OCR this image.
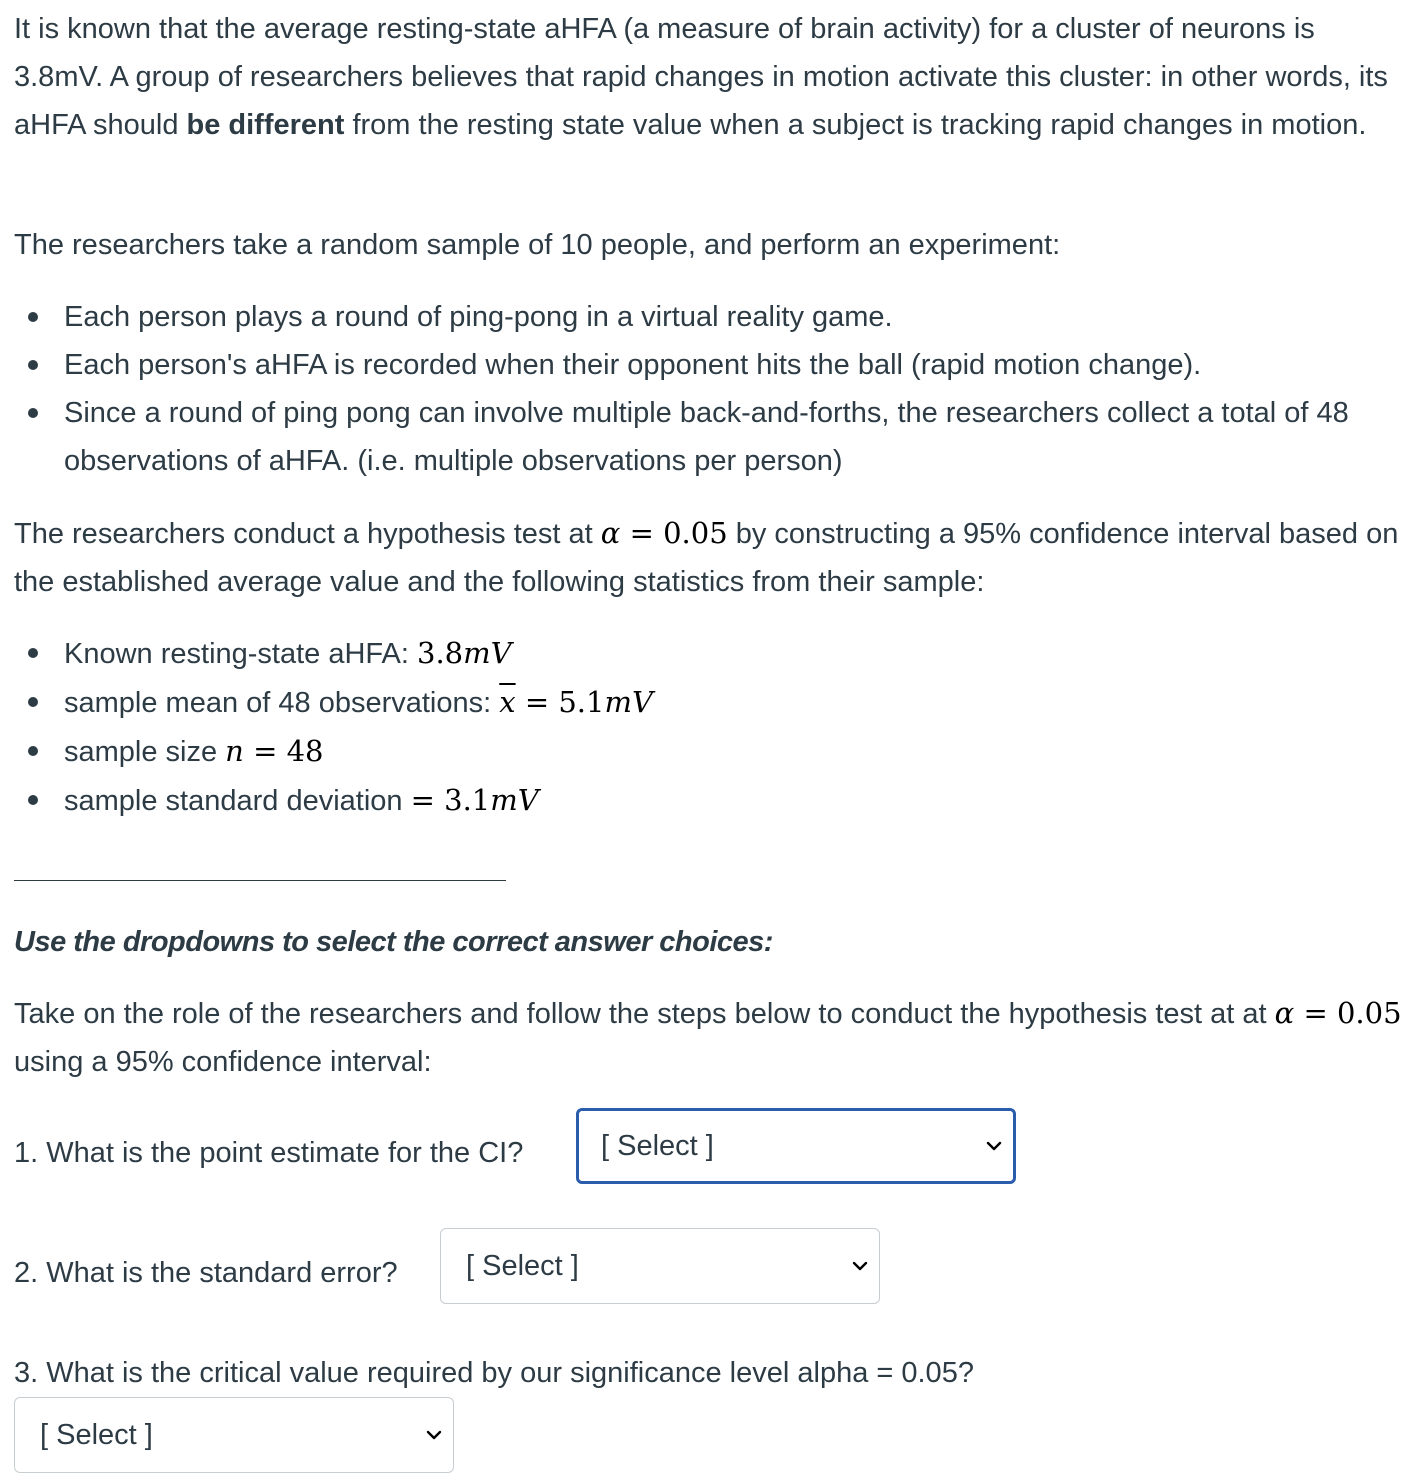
It is known that the average resting-state aHFA (a measure of brain activity) for a cluster of neurons is 3.8mV. A group of researchers believes that rapid changes in motion activate this cluster: in other words, its aHFA should be different from the resting state value when a subject is tracking rapid changes in motion.

The researchers take a random sample of 10 people, and perform an experiment:

Each person plays a round of ping-pong in a virtual reality game.
Each person's aHFA is recorded when their opponent hits the ball (rapid motion change).
Since a round of ping pong can involve multiple back-and-forths, the researchers collect a total of 48 observations of aHFA. (i.e. multiple observations per person)

The researchers conduct a hypothesis test at α = 0.05 by constructing a 95% confidence interval based on the established average value and the following statistics from their sample:

Known resting-state aHFA: 3.8mV
sample mean of 48 observations: $\overline{x} = 5.1mV$
sample size n = 48
sample standard deviation = 3.1mV
Use the dropdowns to select the correct answer choices:

Take on the role of the researchers and follow the steps below to conduct the hypothesis test at at α = 0.05 using a 95% confidence interval:

1. What is the point estimate for the CI?	[ Select ]
2. What is the standard error? [ Select ]
3. What is the critical value required by our significance level alpha = 0.05?
[ Select ]
